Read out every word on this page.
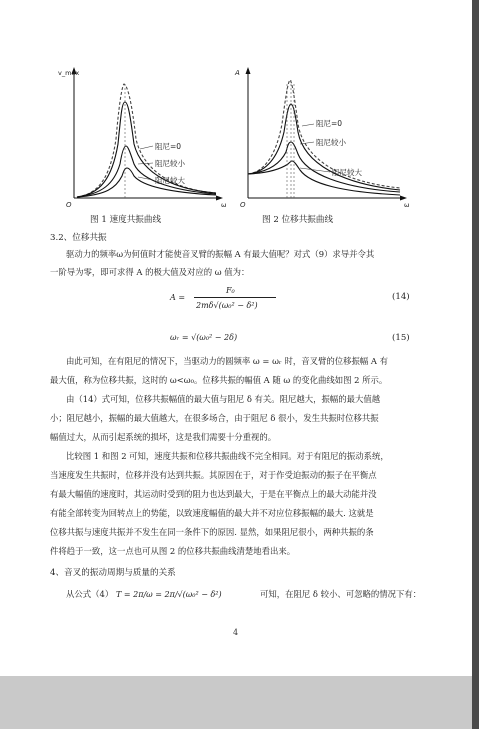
v_max
ω
O
阻尼=0
阻尼较小
阻尼较大
A
ω
O
阻尼=0
阻尼较小
阻尼较大
图 1 速度共振曲线	图 2 位移共振曲线
3.2、位移共振
驱动力的频率ω为何值时才能使音叉臂的振幅 A 有最大值呢？对式（9）求导并令其
一阶导为零，即可求得 A 的极大值及对应的 ω 值为：
A =
F₀
2mδ√(ω₀² − δ²)
(14)
ωᵣ = √(ω₀² − 2δ)	(15)
由此可知，在有阻尼的情况下，当驱动力的圆频率 ω = ωᵣ 时，音叉臂的位移振幅 A 有
最大值，称为位移共振，这时的 ω<ω₀。位移共振的幅值 A 随 ω 的变化曲线如图 2 所示。
由（14）式可知，位移共振幅值的最大值与阻尼 δ 有关。阻尼越大，振幅的最大值越
小；阻尼越小，振幅的最大值越大，在很多场合，由于阻尼 δ 很小，发生共振时位移共振
幅值过大，从而引起系统的损坏，这是我们需要十分重视的。
比较图 1 和图 2 可知，速度共振和位移共振曲线不完全相同。对于有阻尼的振动系统，
当速度发生共振时，位移并没有达到共振。其原因在于，对于作受迫振动的振子在平衡点
有最大幅值的速度时，其运动时受到的阻力也达到最大，于是在平衡点上的最大动能并没
有能全部转变为回转点上的势能，以致速度幅值的最大并不对应位移振幅的最大. 这就是
位移共振与速度共振并不发生在同一条件下的原因. 显然，如果阻尼很小，两种共振的条
件将趋于一致，这一点也可从图 2 的位移共振曲线清楚地看出来。
4、音叉的振动周期与质量的关系
从公式（4） T = 2π/ω = 2π/√(ω₀² − δ²)	可知，在阻尼 δ 较小、可忽略的情况下有：
4
